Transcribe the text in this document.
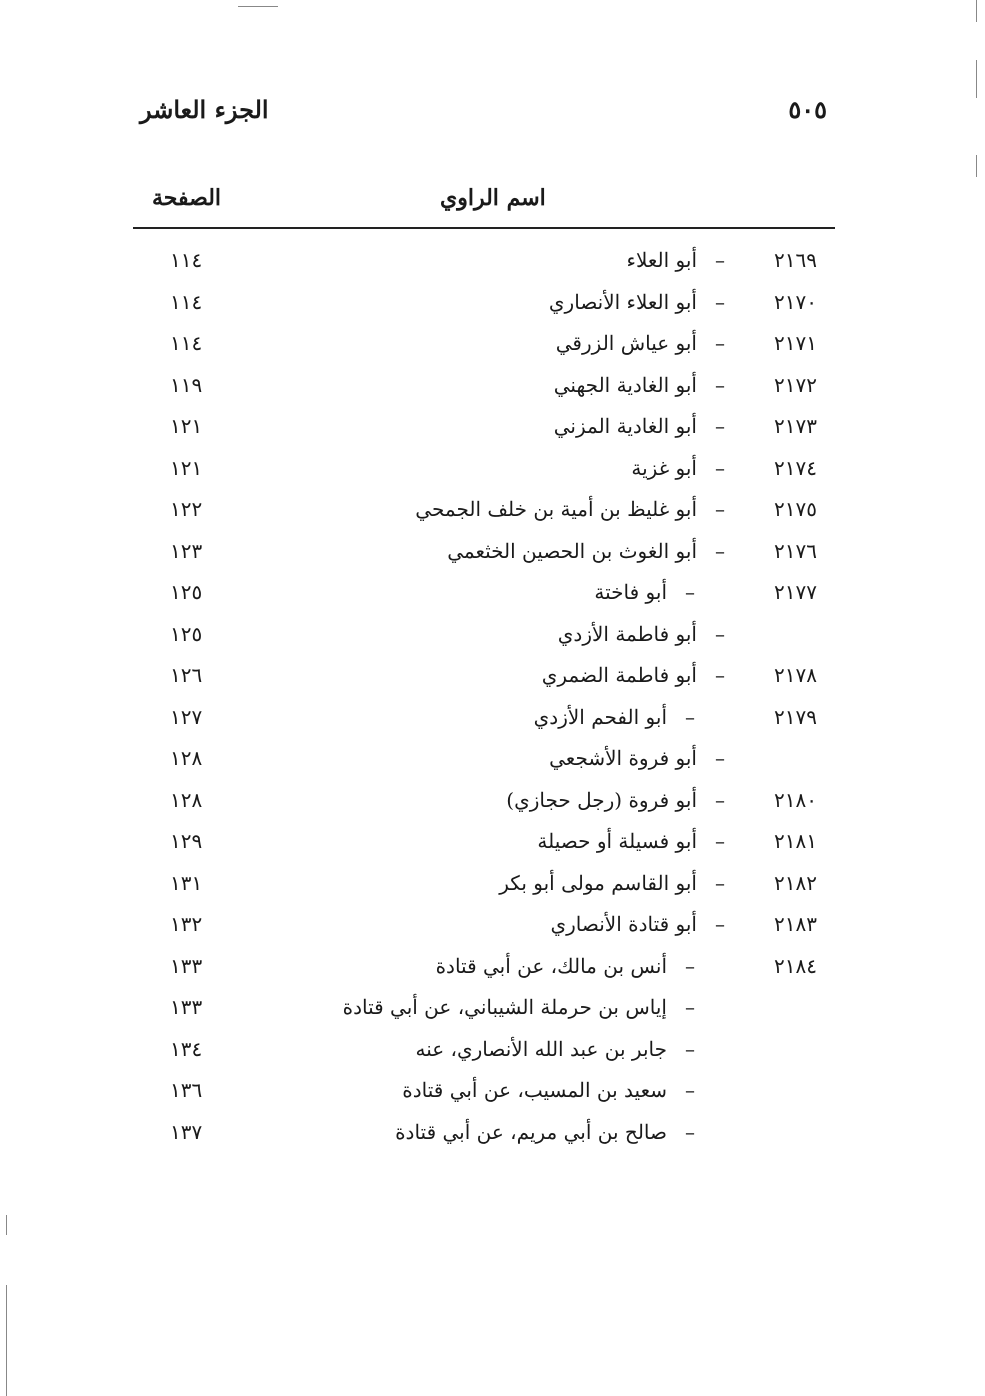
٥٠٥
الجزء العاشر
اسم الراوي
الصفحة
٢١٦٩
–
أبو العلاء
١١٤
٢١٧٠
–
أبو العلاء الأنصاري
١١٤
٢١٧١
–
أبو عياش الزرقي
١١٤
٢١٧٢
–
أبو الغادية الجهني
١١٩
٢١٧٣
–
أبو الغادية المزني
١٢١
٢١٧٤
–
أبو غزية
١٢١
٢١٧٥
–
أبو غليظ بن أمية بن خلف الجمحي
١٢٢
٢١٧٦
–
أبو الغوث بن الحصين الخثعمي
١٢٣
٢١٧٧
–
أبو فاختة
١٢٥
–
أبو فاطمة الأزدي
١٢٥
٢١٧٨
–
أبو فاطمة الضمري
١٢٦
٢١٧٩
–
أبو الفحم الأزدي
١٢٧
–
أبو فروة الأشجعي
١٢٨
٢١٨٠
–
أبو فروة (رجل حجازي)
١٢٨
٢١٨١
–
أبو فسيلة أو حصيلة
١٢٩
٢١٨٢
–
أبو القاسم مولى أبو بكر
١٣١
٢١٨٣
–
أبو قتادة الأنصاري
١٣٢
٢١٨٤
–
أنس بن مالك، عن أبي قتادة
١٣٣
–
إياس بن حرملة الشيباني، عن أبي قتادة
١٣٣
–
جابر بن عبد الله الأنصاري، عنه
١٣٤
–
سعيد بن المسيب، عن أبي قتادة
١٣٦
–
صالح بن أبي مريم، عن أبي قتادة
١٣٧
